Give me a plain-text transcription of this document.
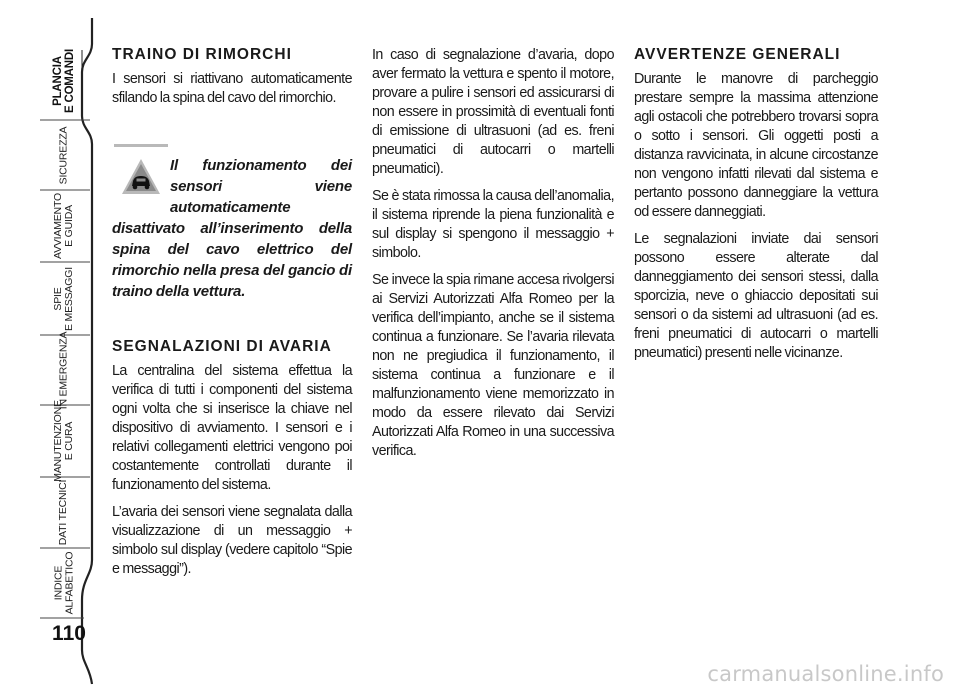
PLANCIA
E COMANDI
SICUREZZA
AVVIAMENTO
E GUIDA
SPIE
E MESSAGGI
IN EMERGENZA
MANUTENZIONE
E CURA
DATI TECNICI
INDICE
ALFABETICO
110
TRAINO DI RIMORCHI

I sensori si riattivano automaticamente sfilando la spina del cavo del rimorchio.

Il funzionamento dei sensori viene automaticamente disattivato all’inserimento della spina del cavo elettrico del rimorchio nella presa del gancio di traino della vettura.

SEGNALAZIONI DI AVARIA

La centralina del sistema effettua la verifica di tutti i componenti del sistema ogni volta che si inserisce la chiave nel dispositivo di avviamento. I sensori e i relativi collegamenti elettrici vengono poi costantemente controllati durante il funzionamento del sistema.

L’avaria dei sensori viene segnalata dalla visualizzazione di un messaggio + simbolo sul display (vedere capitolo “Spie e messaggi”).

In caso di segnalazione d’avaria, dopo aver fermato la vettura e spento il motore, provare a pulire i sensori ed assicurarsi di non essere in prossimità di eventuali fonti di emissione di ultrasuoni (ad es. freni pneumatici di autocarri o martelli pneumatici).

Se è stata rimossa la causa dell’anomalia, il sistema riprende la piena funzionalità e sul display si spengono il messaggio + simbolo.

Se invece la spia rimane accesa rivolgersi ai Servizi Autorizzati Alfa Romeo per la verifica dell’impianto, anche se il sistema continua a funzionare. Se l’avaria rilevata non ne pregiudica il funzionamento, il sistema continua a funzionare e il malfunzionamento viene memorizzato in modo da essere rilevato dai Servizi Autorizzati Alfa Romeo in una successiva verifica.

AVVERTENZE GENERALI

Durante le manovre di parcheggio prestare sempre la massima attenzione agli ostacoli che potrebbero trovarsi sopra o sotto i sensori. Gli oggetti posti a distanza ravvicinata, in alcune circostanze non vengono infatti rilevati dal sistema e pertanto possono danneggiare la vettura od essere danneggiati.

Le segnalazioni inviate dai sensori possono essere alterate dal danneggiamento dei sensori stessi, dalla sporcizia, neve o ghiaccio depositati sui sensori o da sistemi ad ultrasuoni (ad es. freni pneumatici di autocarri o martelli pneumatici) presenti nelle vicinanze.

carmanualsonline.info
